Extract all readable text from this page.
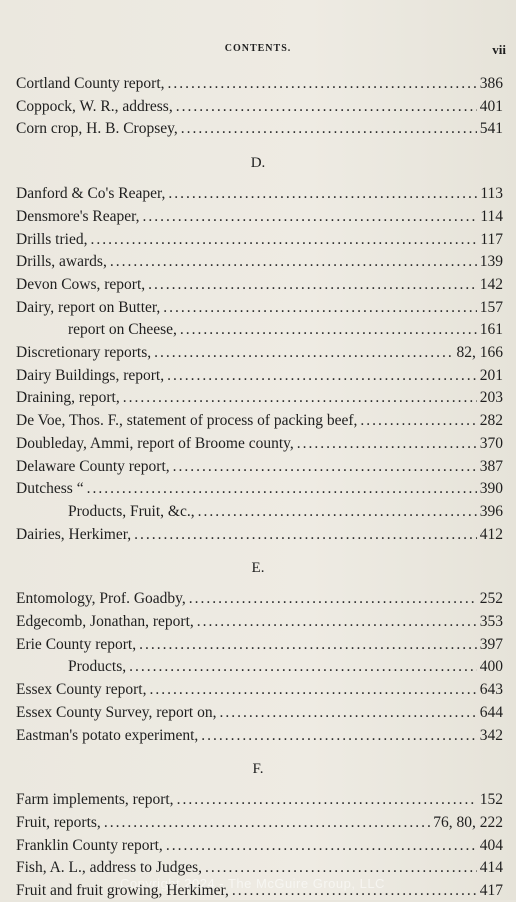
CONTENTS.	vii
Copyright 2024 - The McGuire Group, LLC
Cortland County report, .....	386
Coppock, W. R., address, .....	401
Corn crop, H. B. Cropsey, .....	541
D.
Danford & Co's Reaper, .....	113
Densmore's Reaper, .....	114
Drills tried, .....	117
Drills, awards, .....	139
Devon Cows, report, .....	142
Dairy, report on Butter, .....	157
report on Cheese, .....	161
Discretionary reports, .....	82, 166
Dairy Buildings, report, .....	201
Draining, report, .....	203
De Voe, Thos. F., statement of process of packing beef, .....	282
Doubleday, Ammi, report of Broome county, .....	370
Delaware County report, .....	387
Dutchess “ .....	390
Products, Fruit, &c., .....	396
Dairies, Herkimer, .....	412
E.
Entomology, Prof. Goadby, .....	252
Edgecomb, Jonathan, report, .....	353
Erie County report, .....	397
Products, .....	400
Essex County report, .....	643
Essex County Survey, report on, .....	644
Eastman's potato experiment, .....	342
F.
Farm implements, report, .....	152
Fruit, reports, .....	76, 80, 222
Franklin County report, .....	404
Fish, A. L., address to Judges, .....	414
Fruit and fruit growing, Herkimer, .....	417
